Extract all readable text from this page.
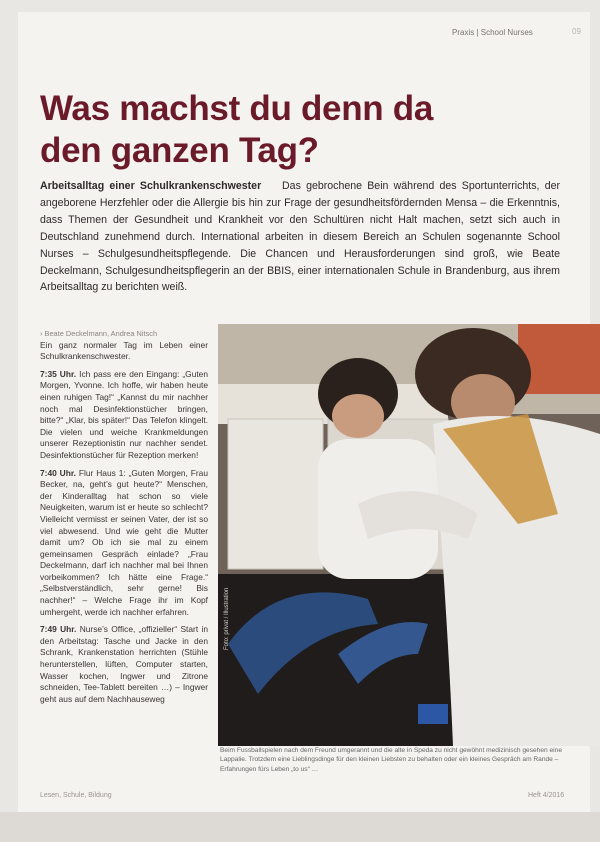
Praxis | School Nurses	09
Was machst du denn da
den ganzen Tag?
Arbeitsalltag einer Schulkrankenschwester Das gebrochene Bein während des Sportunterrichts, der angeborene Herzfehler oder die Allergie bis hin zur Frage der gesundheitsfördernden Mensa – die Erkenntnis, dass Themen der Gesundheit und Krankheit vor den Schultüren nicht Halt machen, setzt sich auch in Deutschland zunehmend durch. International arbeiten in diesem Bereich an Schulen sogenannte School Nurses – Schulgesundheitspflegende. Die Chancen und Herausforderungen sind groß, wie Beate Deckelmann, Schulgesundheitspflegerin an der BBIS, einer internationalen Schule in Brandenburg, aus ihrem Arbeitsalltag zu berichten weiß.

› Beate Deckelmann, Andrea Nitsch

Ein ganz normaler Tag im Leben einer Schulkrankenschwester.

7:35 Uhr. Ich pass ere den Eingang: „Guten Morgen, Yvonne. Ich hoffe, wir haben heute einen ruhigen Tag!“ „Kannst du mir nachher noch mal Desinfektionstücher bringen, bitte?“ „Klar, bis später!“ Das Telefon klingelt. Die vielen und weiche Krankmeldungen unserer Rezeptionistin nur nachher sendet. Desinfektionstücher für Rezeption merken!

7:40 Uhr. Flur Haus 1: „Guten Morgen, Frau Becker, na, geht’s gut heute?“ Menschen, der Kinderalltag hat schon so viele Neuigkeiten, warum ist er heute so schlecht? Vielleicht vermisst er seinen Vater, der ist so viel abwesend. Und wie geht die Mutter damit um? Ob ich sie mal zu einem gemeinsamen Gespräch einlade? „Frau Deckelmann, darf ich nachher mal bei Ihnen vorbeikommen? Ich hätte eine Frage.“ „Selbstverständlich, sehr gerne! Bis nachher!“ – Welche Frage ihr im Kopf umhergeht, werde ich nachher erfahren.

7:49 Uhr. Nurse’s Office, „offizieller“ Start in den Arbeitstag: Tasche und Jacke in den Schrank, Krankenstation herrichten (Stühle herunterstellen, lüften, Computer starten, Wasser kochen, Ingwer und Zitrone schneiden, Tee-Tablett bereiten …) – Ingwer geht aus auf dem Nachhauseweg

Foto: privat / Illustration
Beim Fussballspielen nach dem Freund umgerannt und die alte in Speda zu nicht gewöhnt medizinisch gesehen eine Lappalie. Trotzdem eine Lieblingsdinge für den kleinen Liebsten zu behalten oder ein kleines Gespräch am Rande – Erfahrungen fürs Leben „to us“ …
Lesen, Schule, Bildung	Heft 4/2016
